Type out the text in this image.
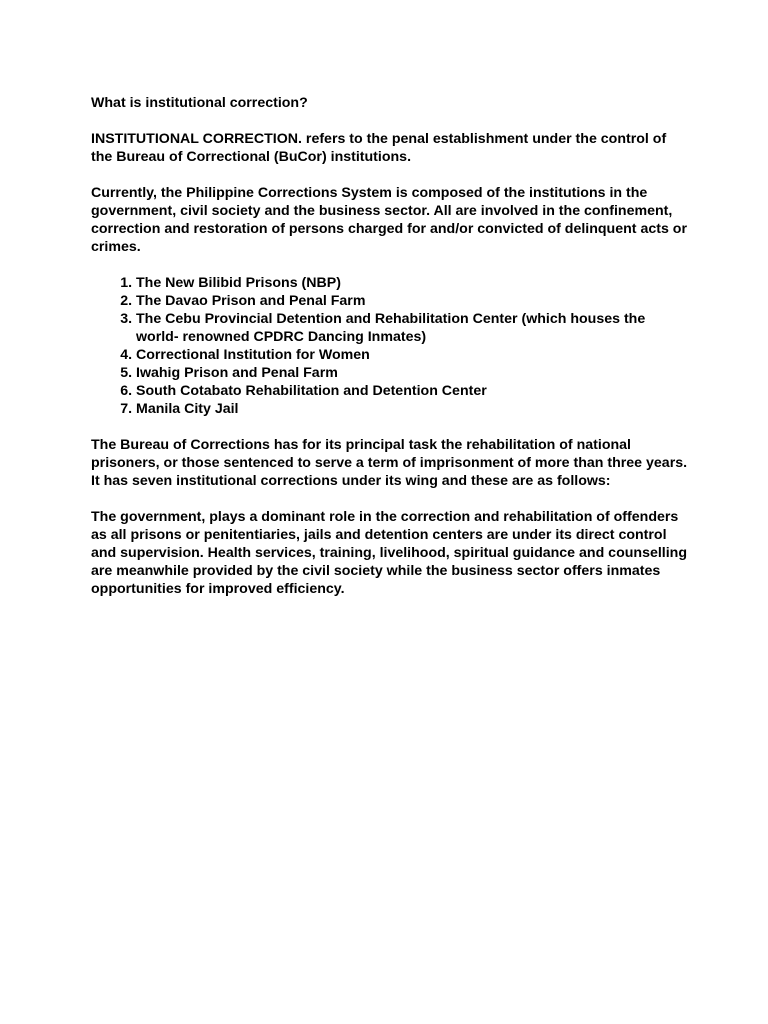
What is institutional correction?

INSTITUTIONAL CORRECTION. refers to the penal establishment under the control of the Bureau of Correctional (BuCor) institutions.

Currently, the Philippine Corrections System is composed of the institutions in the government, civil society and the business sector. All are involved in the confinement, correction and restoration of persons charged for and/or convicted of delinquent acts or crimes.

1. The New Bilibid Prisons (NBP)
2. The Davao Prison and Penal Farm
3. The Cebu Provincial Detention and Rehabilitation Center (which houses the world- renowned CPDRC Dancing Inmates)
4. Correctional Institution for Women
5. Iwahig Prison and Penal Farm
6. South Cotabato Rehabilitation and Detention Center
7. Manila City Jail

The Bureau of Corrections has for its principal task the rehabilitation of national prisoners, or those sentenced to serve a term of imprisonment of more than three years. It has seven institutional corrections under its wing and these are as follows:

The government, plays a dominant role in the correction and rehabilitation of offenders as all prisons or penitentiaries, jails and detention centers are under its direct control and supervision. Health services, training, livelihood, spiritual guidance and counselling are meanwhile provided by the civil society while the business sector offers inmates opportunities for improved efficiency.
